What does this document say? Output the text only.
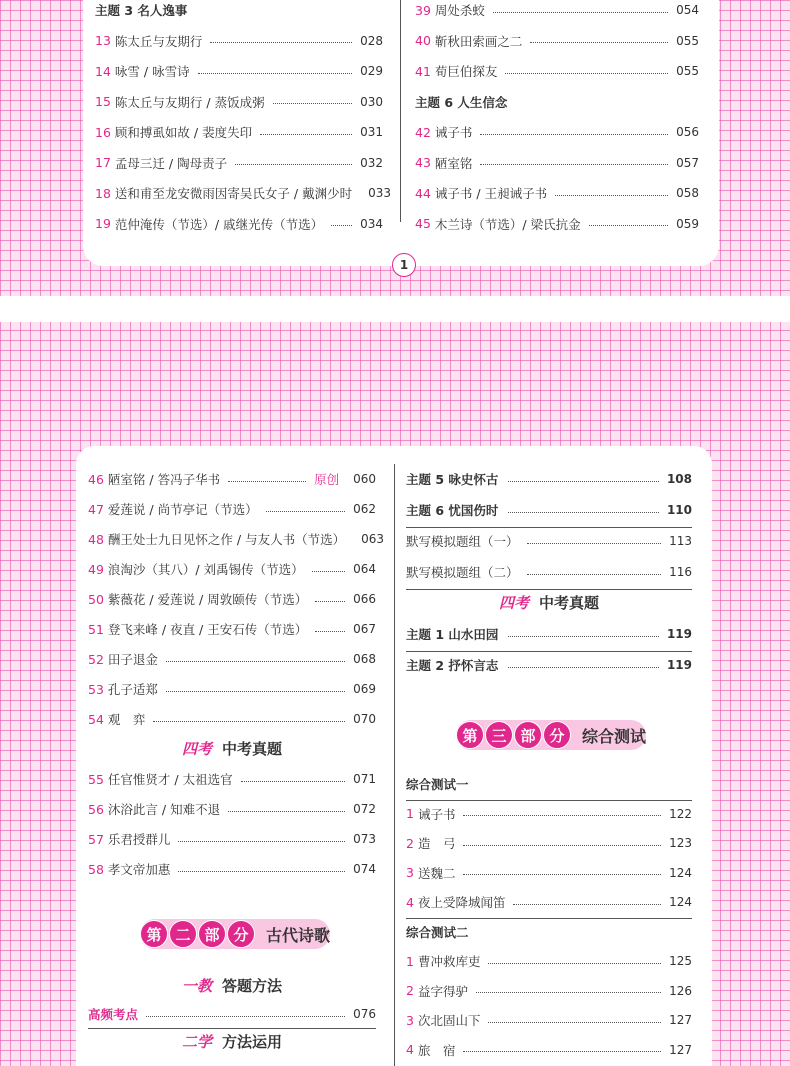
主题 3 名人逸事
13 陈太丘与友期行	028
14 咏雪 / 咏雪诗	029
15 陈太丘与友期行 / 蒸饭成粥	030
16 顾和搏虱如故 / 裴度失印	031
17 孟母三迁 / 陶母责子	032
18 送和甫至龙安微雨因寄吴氏女子 / 戴渊少时 033
19 范仲淹传（节选）/ 戚继光传（节选）	034
39 周处杀蛟	054
40 靳秋田索画之二	055
41 荀巨伯探友	055
主题 6 人生信念
42 诫子书	056
43 陋室铭	057
44 诫子书 / 王昶诫子书	058
45 木兰诗（节选）/ 梁氏抗金	059
1
46 陋室铭 / 答冯子华书	原创 060
47 爱莲说 / 尚节亭记（节选）	062
48 酬王处士九日见怀之作 / 与友人书（节选） 063
49 浪淘沙（其八）/ 刘禹锡传（节选）	064
50 紫薇花 / 爱莲说 / 周敦颐传（节选）	066
51 登飞来峰 / 夜直 / 王安石传（节选）	067
52 田子退金	068
53 孔子适郑	069
54 观　弈	070
四考 中考真题
55 任官惟贤才 / 太祖选官	071
56 沐浴此言 / 知难不退	072
57 乐君授群儿	073
58 孝文帝加惠	074
第 二 部 分	古代诗歌
一教 答题方法
高频考点	076
二学 方法运用
主题 5 咏史怀古	108
主题 6 忧国伤时	110
默写模拟题组（一）	113
默写模拟题组（二）	116
四考 中考真题
主题 1 山水田园	119
主题 2 抒怀言志	119
第 三 部 分	综合测试
综合测试一
1 诫子书	122
2 造　弓	123
3 送魏二	124
4 夜上受降城闻笛	124
综合测试二
1 曹冲救库吏	125
2 益字得驴	126
3 次北固山下	127
4 旅　宿	127
